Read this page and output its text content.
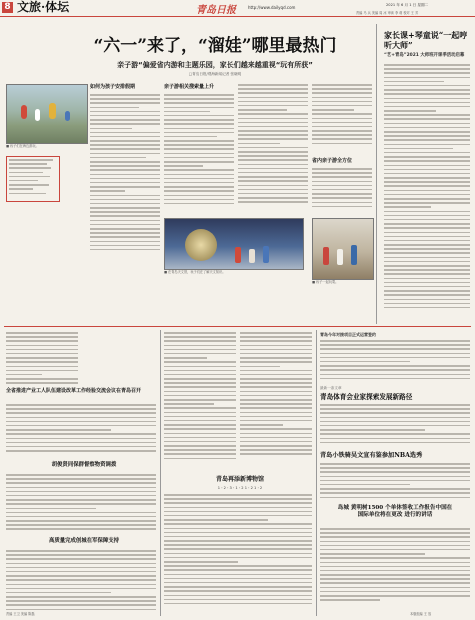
8 文旅·体坛	青岛日报	http://www.dailyqd.com	2021 年 6 月 1 日 星期二
责编 马 兵 美编 周 冰 审读 李 莉 校对 王 芳
“六一”来了，“溜娃”哪里最热门
亲子游“偏爱省内游和主题乐园，家长们越来越重视“玩有所获”
□青岛日报/观海新闻记者 张晓明
■ 孩子们在海边游玩。
如何为孩子安排假期	亲子游相关搜索量上升
省内亲子游全方位
■ 在青岛天文馆，孩子们在了解天文知识。
■ 孩子一起玩耍。
家长课+琴童说“一起哼听大师”
“艺+青岛”2021 大师班开课季活动启幕
全省推进产业工人队伍建设改革工作经验交流会议在青岛召开
胡俊贤同保群督察物资调拨
高质量完成创城在军保障支持
青岛再添新博物馆
1・2・3・1・2 1・2 1・2
青岛今年对接项目正式运营签约
最新一条文章
青岛体育会业家探索发展新路径
青岛小铁骑吴文宣有鉴参加NBA选秀
岛城 黄明树1500 个单体签收工作报告中国在国际单位将在更改 进行的讲话
责编 王卫 美编 陈磊	本版组编 王 放
